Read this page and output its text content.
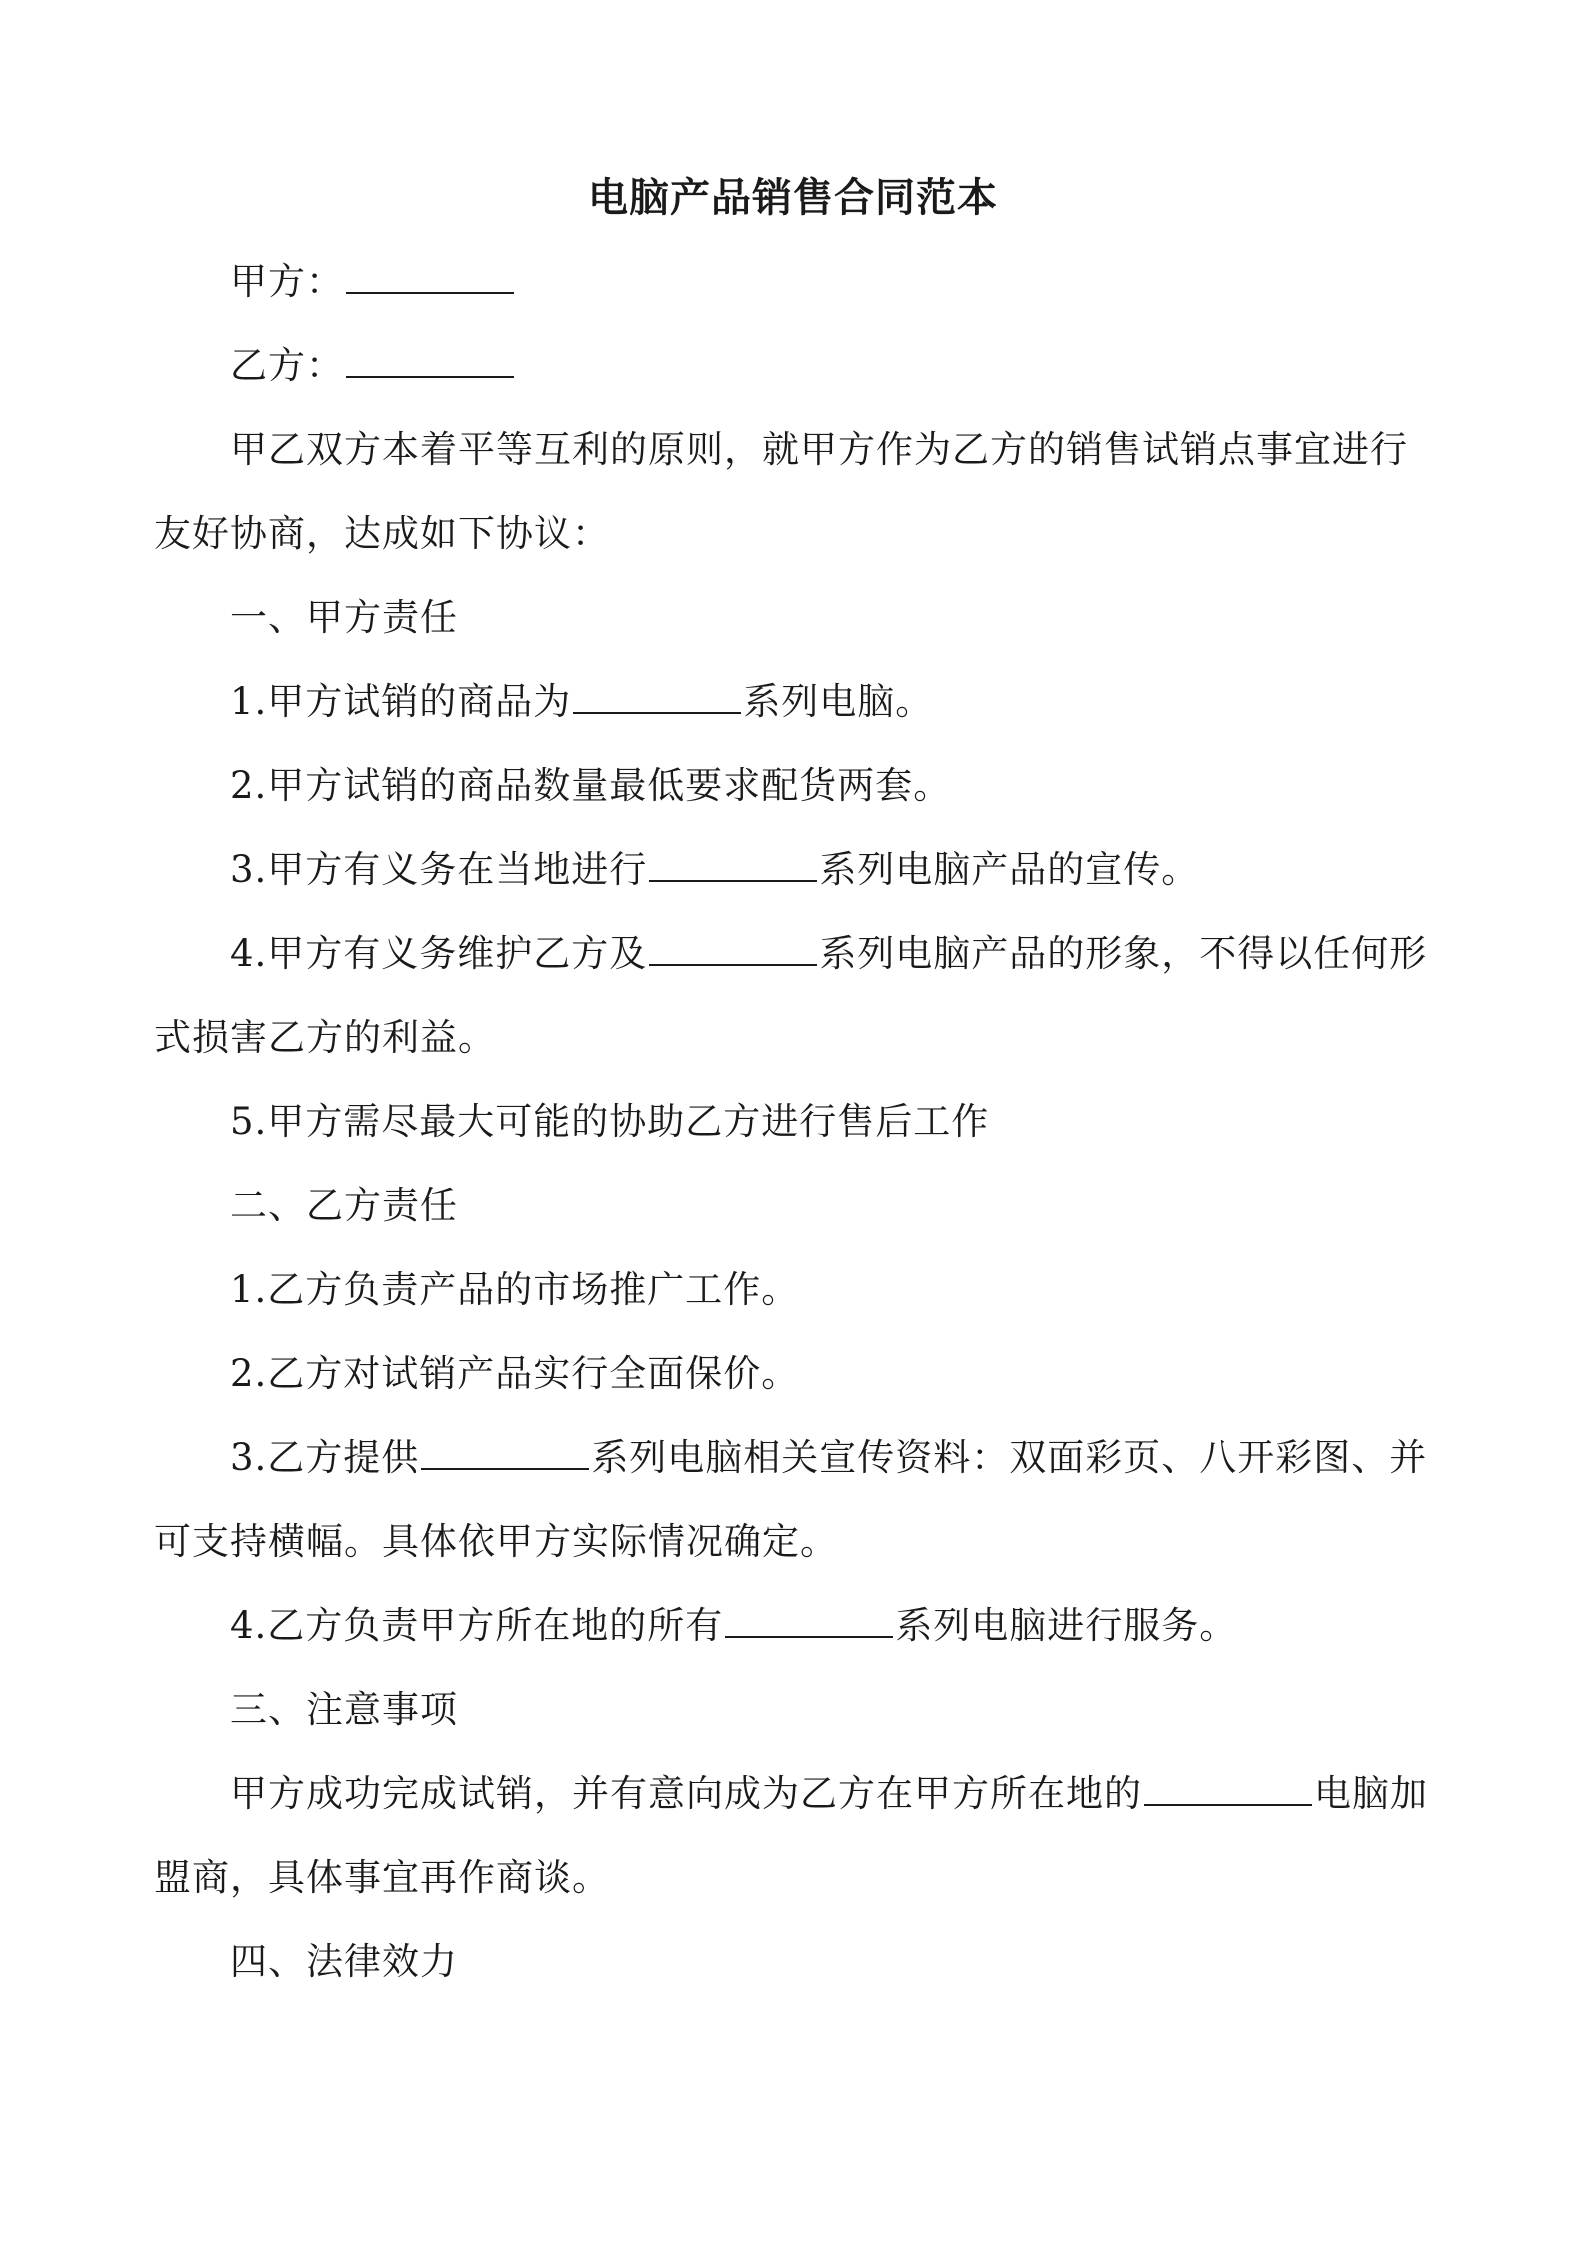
电脑产品销售合同范本
甲方：
乙方：
甲乙双方本着平等互利的原则，就甲方作为乙方的销售试销点事宜进行友好协商，达成如下协议：
一、甲方责任
1.甲方试销的商品为	系列电脑。
2.甲方试销的商品数量最低要求配货两套。
3.甲方有义务在当地进行	系列电脑产品的宣传。
4.甲方有义务维护乙方及	系列电脑产品的形象，不得以任何形式损害乙方的利益。
5.甲方需尽最大可能的协助乙方进行售后工作
二、乙方责任
1.乙方负责产品的市场推广工作。
2.乙方对试销产品实行全面保价。
3.乙方提供	系列电脑相关宣传资料：双面彩页、八开彩图、并可支持横幅。具体依甲方实际情况确定。
4.乙方负责甲方所在地的所有	系列电脑进行服务。
三、注意事项
甲方成功完成试销，并有意向成为乙方在甲方所在地的	电脑加盟商，具体事宜再作商谈。
四、法律效力
